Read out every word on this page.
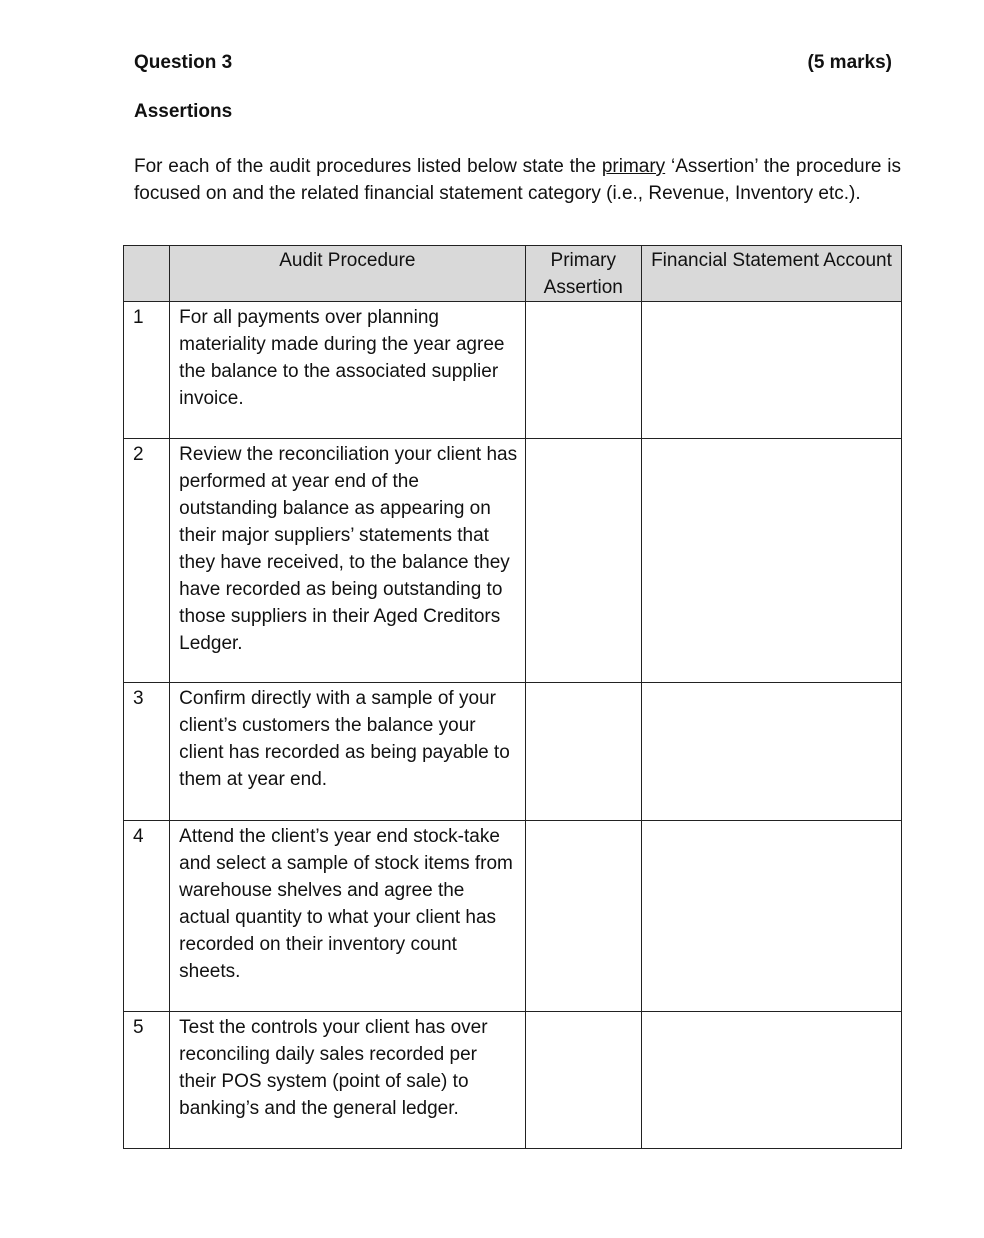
Question 3	(5 marks)
Assertions
For each of the audit procedures listed below state the primary ‘Assertion’ the procedure is focused on and the related financial statement category (i.e., Revenue, Inventory etc.).

	Audit Procedure	Primary Assertion	Financial Statement Account

1	For all payments over planning materiality made during the year agree the balance to the associated supplier invoice.		
2	Review the reconciliation your client has performed at year end of the outstanding balance as appearing on their major suppliers’ statements that they have received, to the balance they have recorded as being outstanding to those suppliers in their Aged Creditors Ledger.		
3	Confirm directly with a sample of your client’s customers the balance your client has recorded as being payable to them at year end.		
4	Attend the client’s year end stock-take and select a sample of stock items from warehouse shelves and agree the actual quantity to what your client has recorded on their inventory count sheets.		
5	Test the controls your client has over reconciling daily sales recorded per their POS system (point of sale) to banking’s and the general ledger.		
